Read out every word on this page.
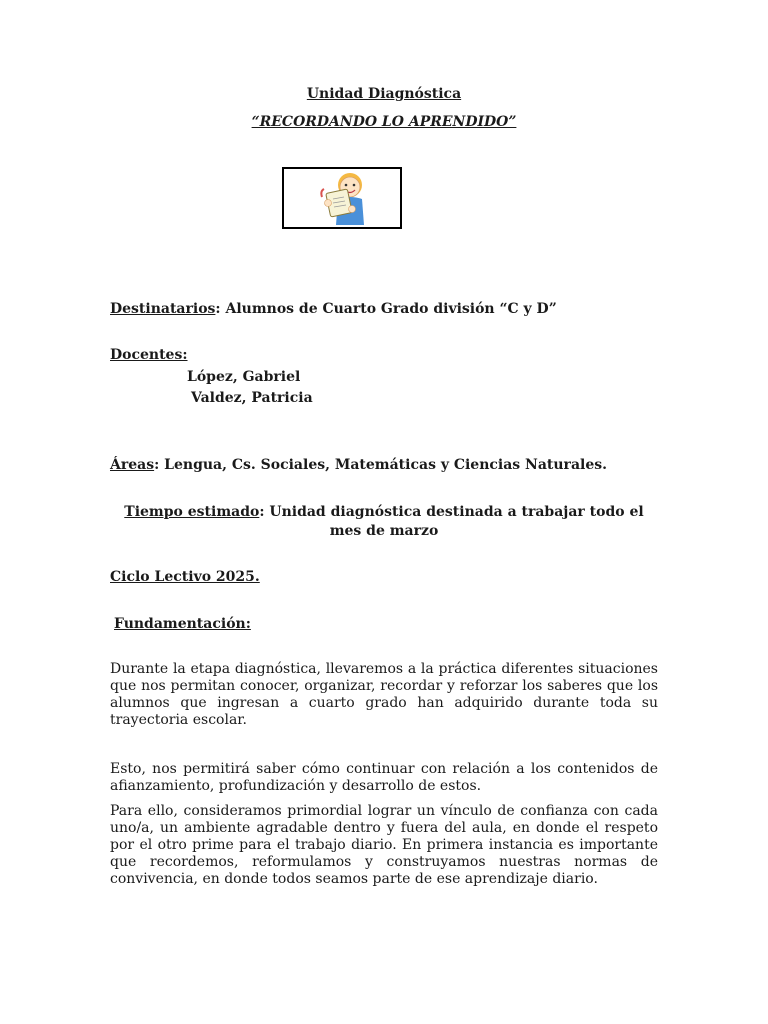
Unidad Diagnóstica
“RECORDANDO LO APRENDIDO”
Destinatarios: Alumnos de Cuarto Grado división “C y D”
Docentes:
López, Gabriel
Valdez, Patricia
Áreas: Lengua, Cs. Sociales, Matemáticas y Ciencias Naturales.
Tiempo estimado: Unidad diagnóstica destinada a trabajar todo el mes de marzo
Ciclo Lectivo 2025.
Fundamentación:
Durante la etapa diagnóstica, llevaremos a la práctica diferentes situaciones que nos permitan conocer, organizar, recordar y reforzar los saberes que los alumnos que ingresan a cuarto grado han adquirido durante toda su trayectoria escolar.
Esto, nos permitirá saber cómo continuar con relación a los contenidos de afianzamiento, profundización y desarrollo de estos.
Para ello, consideramos primordial lograr un vínculo de confianza con cada uno/a, un ambiente agradable dentro y fuera del aula, en donde el respeto por el otro prime para el trabajo diario. En primera instancia es importante que recordemos, reformulamos y construyamos nuestras normas de convivencia, en donde todos seamos parte de ese aprendizaje diario.
